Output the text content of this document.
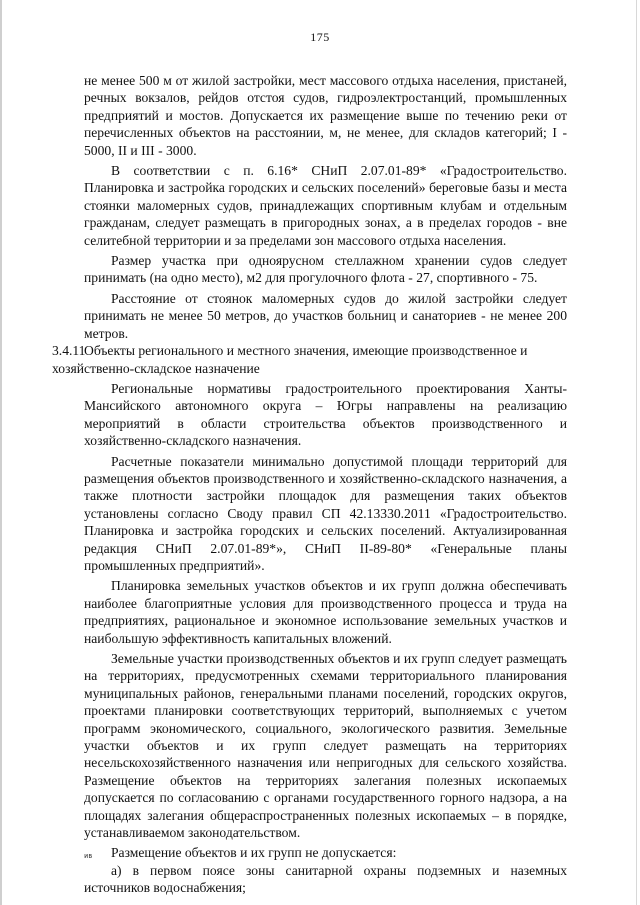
175

не менее 500 м от жилой застройки, мест массового отдыха населения, пристаней, речных вокзалов, рейдов отстоя судов, гидроэлектростанций, промышленных предприятий и мостов. Допускается их размещение выше по течению реки от перечисленных объектов на расстоянии, м, не менее, для складов категорий; I - 5000, II и III - 3000.

В соответствии с п. 6.16* СНиП 2.07.01-89* «Градостроительство. Планировка и застройка городских и сельских поселений» береговые базы и места стоянки маломерных судов, принадлежащих спортивным клубам и отдельным гражданам, следует размещать в пригородных зонах, а в пределах городов - вне селитебной территории и за пределами зон массового отдыха населения.

Размер участка при одноярусном стеллажном хранении судов следует принимать (на одно место), м2 для прогулочного флота - 27, спортивного - 75.

Расстояние от стоянок маломерных судов до жилой застройки следует принимать не менее 50 метров, до участков больниц и санаториев - не менее 200 метров.

3.4.11Объекты регионального и местного значения, имеющие производственное и хозяйственно-складское назначение

Региональные нормативы градостроительного проектирования Ханты-Мансийского автономного округа – Югры направлены на реализацию мероприятий в области строительства объектов производственного и хозяйственно-складского назначения.

Расчетные показатели минимально допустимой площади территорий для размещения объектов производственного и хозяйственно-складского назначения, а также плотности застройки площадок для размещения таких объектов установлены согласно Своду правил СП 42.13330.2011 «Градостроительство. Планировка и застройка городских и сельских поселений. Актуализированная редакция СНиП 2.07.01-89*», СНиП II-89-80* «Генеральные планы промышленных предприятий».

Планировка земельных участков объектов и их групп должна обеспечивать наиболее благоприятные условия для производственного процесса и труда на предприятиях, рациональное и экономное использование земельных участков и наибольшую эффективность капитальных вложений.

Земельные участки производственных объектов и их групп следует размещать на территориях, предусмотренных схемами территориального планирования муниципальных районов, генеральными планами поселений, городских округов, проектами планировки соответствующих территорий, выполняемых с учетом программ экономического, социального, экологического развития. Земельные участки объектов и их групп следует размещать на территориях несельскохозяйственного назначения или непригодных для сельского хозяйства. Размещение объектов на территориях залегания полезных ископаемых допускается по согласованию с органами государственного горного надзора, а на площадях залегания общераспространенных полезных ископаемых – в порядке, устанавливаемом законодательством.

Размещение объектов и их групп не допускается:

а) в первом поясе зоны санитарной охраны подземных и наземных источников водоснабжения;

ив
